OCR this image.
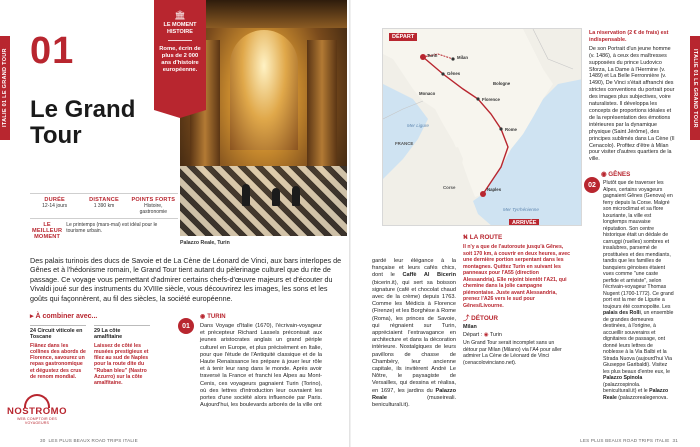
ITALIE 01 LE GRAND TOUR 01
Le Grand Tour
DURÉE
12-14 jours
DISTANCE
1 390 km
POINTS FORTS
Histoire, gastronomie
LE MEILLEUR MOMENT
Le printemps (mars-mai) est idéal pour le tourisme urbain.
Palazzo Reale, Turin
🏛
LE MOMENT HISTOIRE
Rome, écrin de plus de 2 000 ans d'histoire européenne.
Des palais turinois des ducs de Savoie et de La Cène de Léonard de Vinci, aux bars interlopes de Gênes et à l'hédonisme romain, le Grand Tour tient autant du pèlerinage culturel que du rite de passage. Ce voyage vous permettant d'admirer certains chefs-d'œuvre majeurs et d'écouter du Vivaldi joué sur des instruments du XVIIIe siècle, vous découvrirez les images, les sons et les goûts qui façonnèrent, au fil des siècles, la société européenne.
▸ À combiner avec...
24 Circuit viticole en Toscane
Flânez dans les collines des abords de Florence, savourez un repas gastronomique et dégustez des crus de renom mondial.
29 La côte amalfitaine
Laissez de côté les musées prestigieux et filez au sud de Naples pour la route dite du "Ruban bleu" (Nastro Azzurro) sur la côte amalfitaine.
◉ TURIN
01	Dans Voyage d'Italie (1670), l'écrivain-voyageur et précepteur Richard Lassels préconisait aux jeunes aristocrates anglais un grand périple culturel en Europe, et plus précisément en Italie, pour que l'étude de l'Antiquité classique et de la Haute Renaissance les prépare à jouer leur rôle et à tenir leur rang dans le monde. Après avoir traversé la France et franchi les Alpes au Mont-Cenis, ces voyageurs gagnaient Turin (Torino), où des lettres d'introduction leur ouvraient les portes d'une société alors influencée par Paris. Aujourd'hui, les boulevards arborés de la ville ont
gardé leur élégance à la française et leurs cafés chics, dont le Caffè Al Bicerin (bicerin.it), qui sert sa boisson signature (café et chocolat chaud avec de la crème) depuis 1763. Comme les Médicis à Florence (Firenze) et les Borghèse à Rome (Roma), les princes de Savoie, qui régnaient sur Turin, appréciaient l'extravagance en architecture et dans la décoration intérieure. Nostalgiques de leurs pavillons de chasse de Chambéry, leur ancienne capitale, ils invitèrent André Le Nôtre, le paysagiste de Versailles, qui dessina et réalisa, en 1697, les jardins du Palazzo Reale (museireali. beniculturali.it).
30 LES PLUS BEAUX ROAD TRIPS ITALIE
NOSTROMO
WEB COMPTOIR DES VOYAGEURS
DÉPART
ARRIVÉE
FRANCE
Corse
Mer Tyrrhénienne
Mer Ligure
Turin	Milan
Gênes
Florence
Rome
Naples
Monaco
Bologne
⛕ LA ROUTE
Il n'y a que de l'autoroute jusqu'à Gênes, soit 170 km, à couvrir en deux heures, avec une dernière portion serpentant dans les montagnes. Quittez Turin en suivant les panneaux pour l'A55 (direction Alessandria). Elle rejoint bientôt l'A21, qui chemine dans la jolie campagne piémontaise. Juste avant Alessandria, prenez l'A26 vers le sud pour Gênes/Livourne.
⤴ DÉTOUR
Milan
Départ : ◉ Turin
Un Grand Tour serait incomplet sans un détour par Milan (Milano) via l'A4 pour aller admirer La Cène de Léonard de Vinci (cenacolovinciano.net).
La réservation (2 € de frais) est indispensable.
De son Portrait d'un jeune homme (v. 1486), à ceux des maîtresses supposées du prince Ludovico Sforza, La Dame à l'Hermine (v. 1489) et La Belle Ferronnière (v. 1490), De Vinci s'était affranchi des strictes conventions du portrait pour des images plus subjectives, voire naturalistes. Il développa les concepts de proportions idéales et de la représentation des émotions intérieures par la dynamique physique (Saint Jérôme), des principes sublimés dans La Cène (Il Cenacolo). Profitez d'être à Milan pour visiter d'autres quartiers de la ville.
02
◉ GÊNES
Plutôt que de traverser les Alpes, certains voyageurs gagnaient Gênes (Genova) en ferry depuis la Corse. Malgré son microclimat et sa flore luxuriante, la ville est longtemps mauvaise réputation. Son centre historique était un dédale de carruggi (ruelles) sombres et insalubres, parsemé de prostituées et des mendiants, tandis que les familles de banquiers génoises étaient vues comme "une caste perfide et arriviste", selon l'écrivain-voyageur Thomas Nugent (1700-1772). Ce grand port est la mer de Ligurie a toujours été cosmopolite. Les palais des Rolli, un ensemble de grandes demeures destinées, à l'origine, à accueillir souverains et dignitaires de passage, ont donné leurs lettres de noblesse à la Via Balbi et la Strada Nuova (aujourd'hui Via Giuseppe Garibaldi). Visitez les plus beaux d'entre eux, le Palazzo Spinola (palazzospinola. beniculturali.it) et le Palazzo Reale (palazzorealegenova.
LES PLUS BEAUX ROAD TRIPS ITALIE 31
ITALIE 01 LE GRAND TOUR
